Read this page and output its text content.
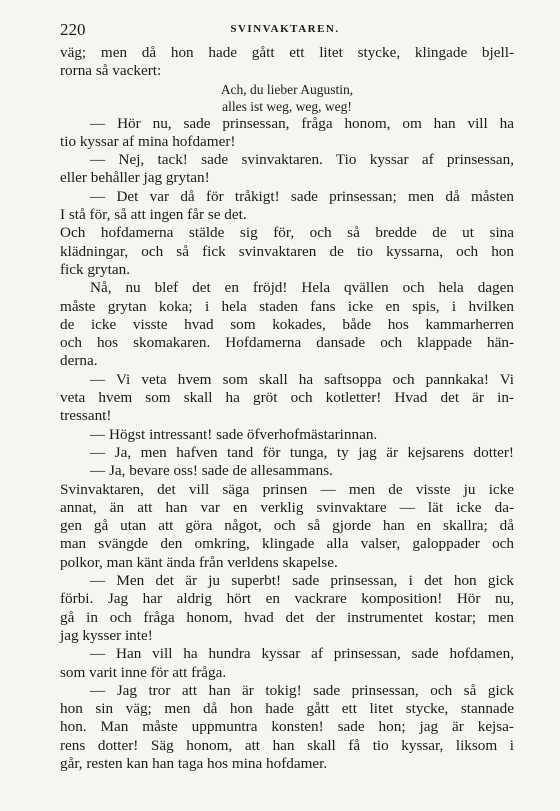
220	SVINVAKTAREN.
väg; men då hon hade gått ett litet stycke, klingade bjell-
rorna så vackert:
Ach, du lieber Augustin,
alles ist weg, weg, weg!
— Hör nu, sade prinsessan, fråga honom, om han vill ha
tio kyssar af mina hofdamer!
— Nej, tack! sade svinvaktaren. Tio kyssar af prinsessan,
eller behåller jag grytan!
— Det var då för tråkigt! sade prinsessan; men då måsten
I stå för, så att ingen får se det.
Och hofdamerna stälde sig för, och så bredde de ut sina
klädningar, och så fick svinvaktaren de tio kyssarna, och hon
fick grytan.
Nå, nu blef det en fröjd! Hela qvällen och hela dagen
måste grytan koka; i hela staden fans icke en spis, i hvilken
de icke visste hvad som kokades, både hos kammarherren
och hos skomakaren. Hofdamerna dansade och klappade hän-
derna.
— Vi veta hvem som skall ha saftsoppa och pannkaka! Vi
veta hvem som skall ha gröt och kotletter! Hvad det är in-
tressant!
— Högst intressant! sade öfverhofmästarinnan.
— Ja, men hafven tand för tunga, ty jag är kejsarens dotter!
— Ja, bevare oss! sade de allesammans.
Svinvaktaren, det vill säga prinsen — men de visste ju icke
annat, än att han var en verklig svinvaktare — lät icke da-
gen gå utan att göra något, och så gjorde han en skallra; då
man svängde den omkring, klingade alla valser, galoppader och
polkor, man känt ända från verldens skapelse.
— Men det är ju superbt! sade prinsessan, i det hon gick
förbi. Jag har aldrig hört en vackrare komposition! Hör nu,
gå in och fråga honom, hvad det der instrumentet kostar; men
jag kysser inte!
— Han vill ha hundra kyssar af prinsessan, sade hofdamen,
som varit inne för att fråga.
— Jag tror att han är tokig! sade prinsessan, och så gick
hon sin väg; men då hon hade gått ett litet stycke, stannade
hon. Man måste uppmuntra konsten! sade hon; jag är kejsa-
rens dotter! Säg honom, att han skall få tio kyssar, liksom i
går, resten kan han taga hos mina hofdamer.
